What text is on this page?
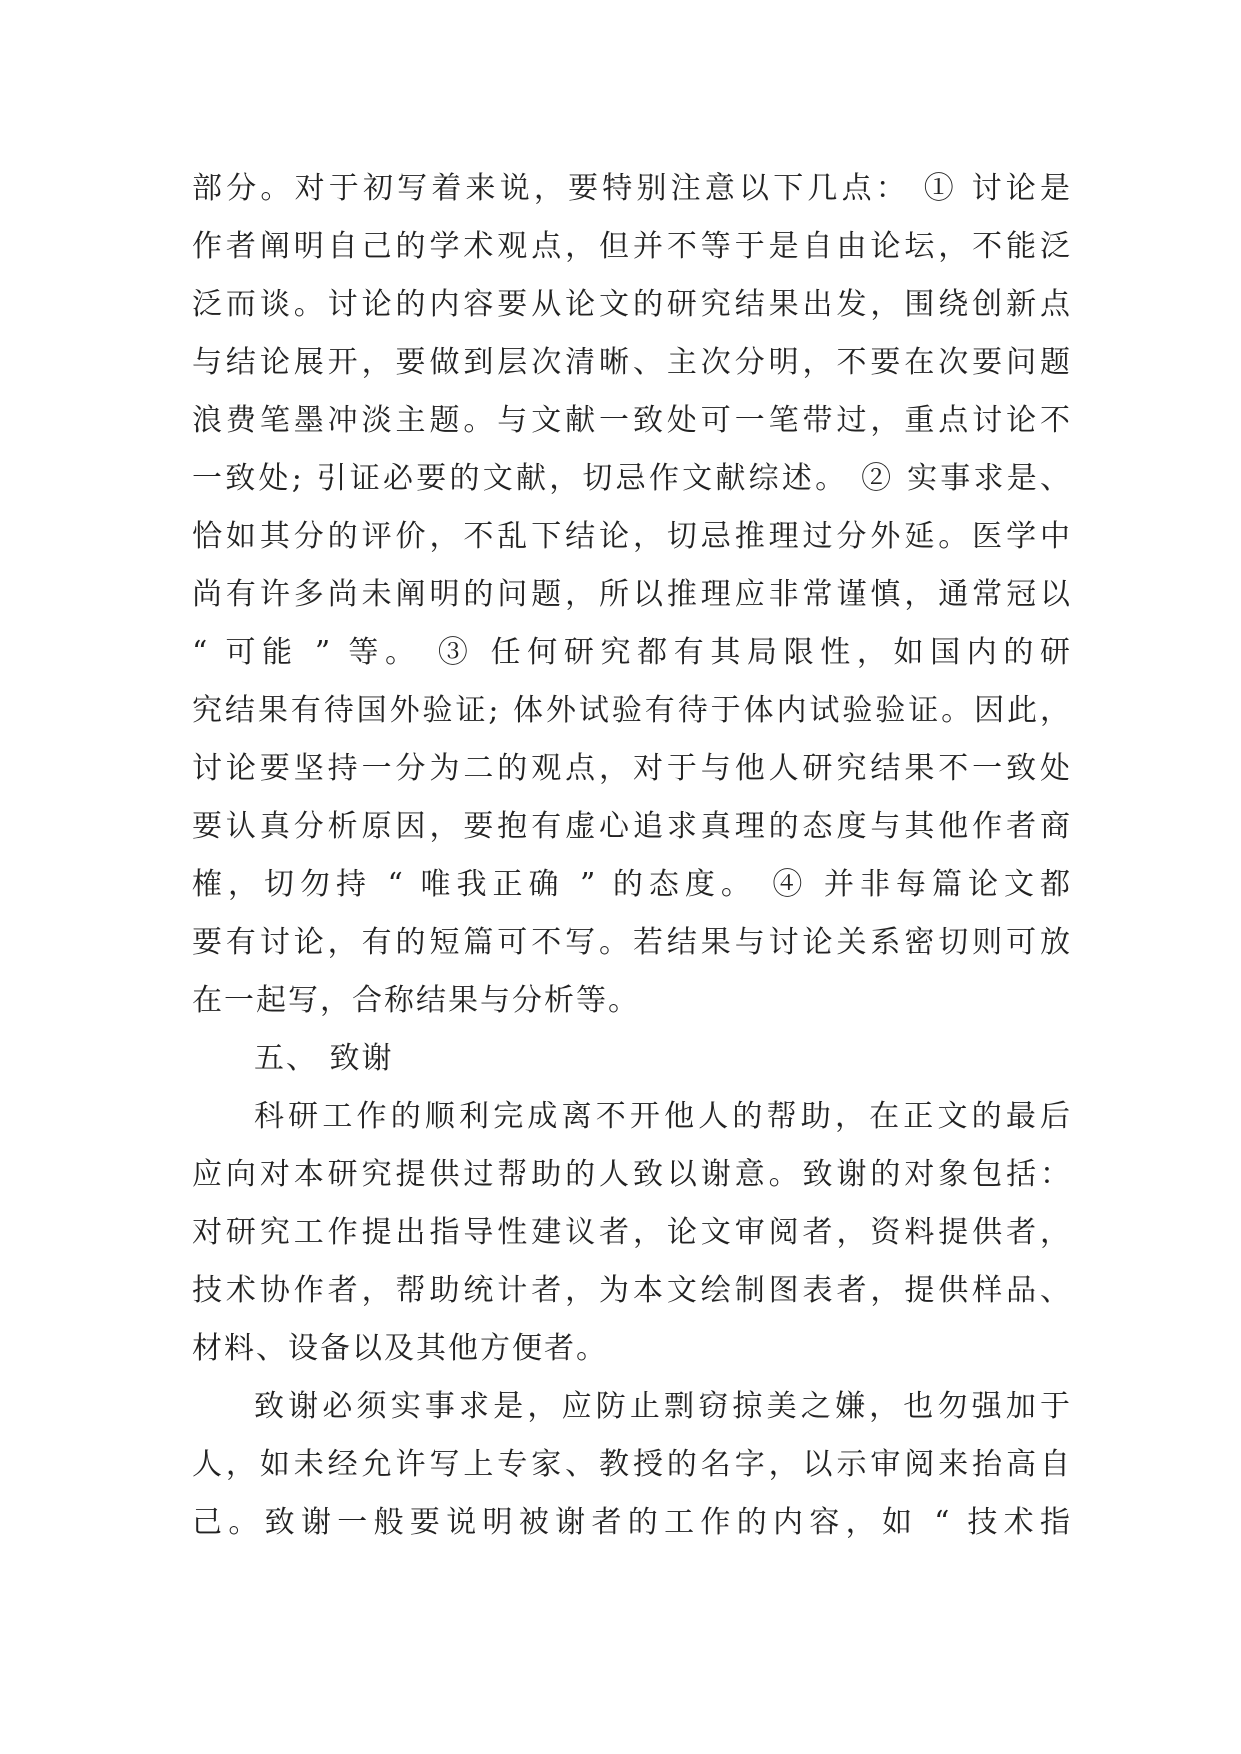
部分。对于初写着来说，要特别注意以下几点： ① 讨论是
作者阐明自己的学术观点，但并不等于是自由论坛，不能泛
泛而谈。讨论的内容要从论文的研究结果出发，围绕创新点
与结论展开，要做到层次清晰、主次分明，不要在次要问题
浪费笔墨冲淡主题。与文献一致处可一笔带过，重点讨论不
一致处; 引证必要的文献，切忌作文献综述。 ② 实事求是、
恰如其分的评价，不乱下结论，切忌推理过分外延。医学中
尚有许多尚未阐明的问题，所以推理应非常谨慎，通常冠以
“ 可能 ” 等。 ③ 任何研究都有其局限性，如国内的研
究结果有待国外验证; 体外试验有待于体内试验验证。因此，
讨论要坚持一分为二的观点，对于与他人研究结果不一致处
要认真分析原因，要抱有虚心追求真理的态度与其他作者商
榷，切勿持 “ 唯我正确 ” 的态度。 ④ 并非每篇论文都
要有讨论，有的短篇可不写。若结果与讨论关系密切则可放
在一起写，合称结果与分析等。
五、 致谢
科研工作的顺利完成离不开他人的帮助，在正文的最后
应向对本研究提供过帮助的人致以谢意。致谢的对象包括：
对研究工作提出指导性建议者，论文审阅者，资料提供者，
技术协作者，帮助统计者，为本文绘制图表者，提供样品、
材料、设备以及其他方便者。
致谢必须实事求是，应防止剽窃掠美之嫌，也勿强加于
人，如未经允许写上专家、教授的名字，以示审阅来抬高自
己。致谢一般要说明被谢者的工作的内容，如 “ 技术指
